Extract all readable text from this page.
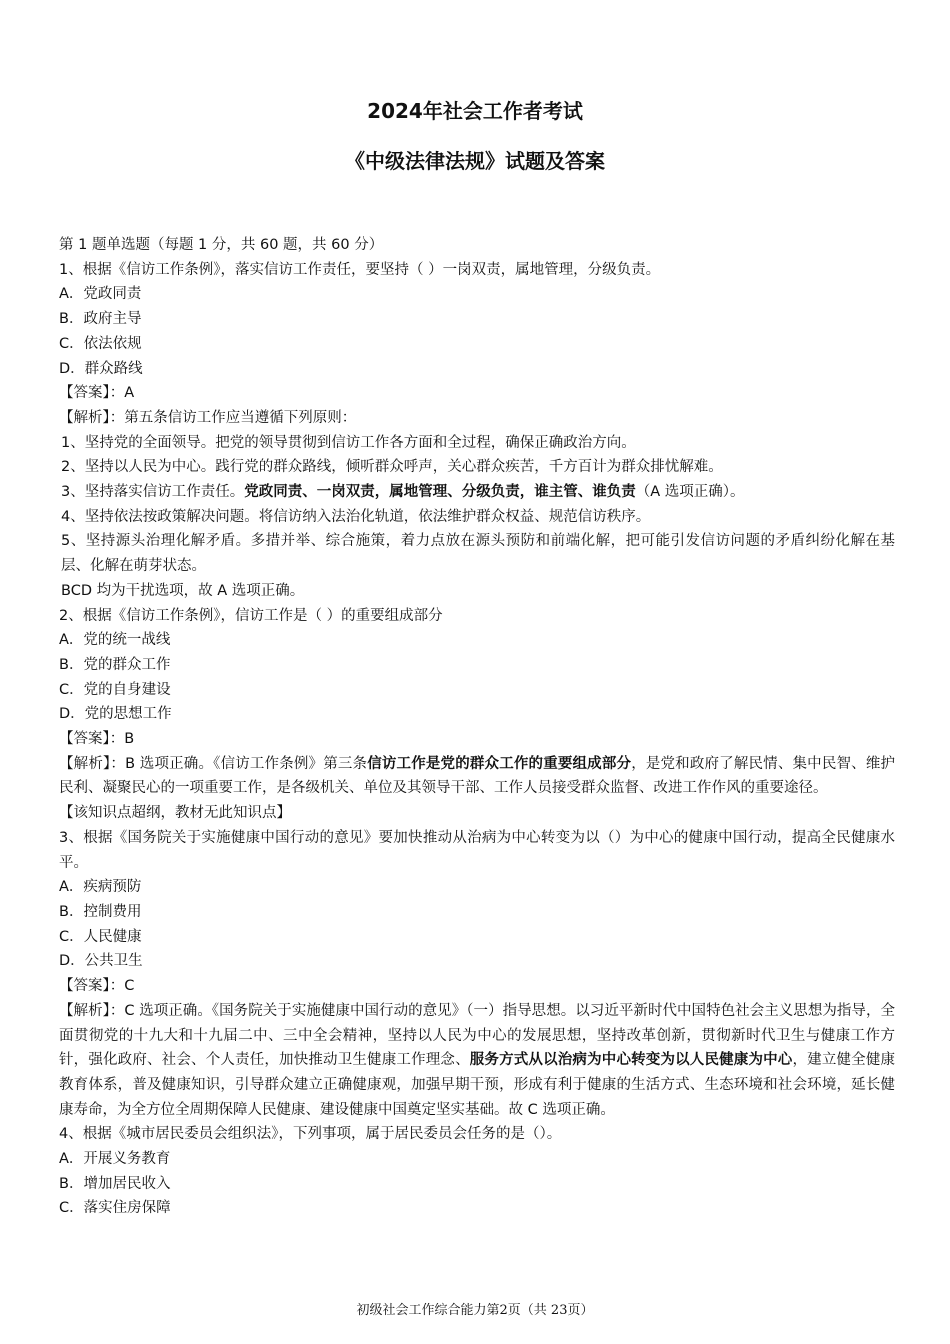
2024年社会工作者考试
《中级法律法规》试题及答案
第 1 题单选题（每题 1 分，共 60 题，共 60 分）
1、根据《信访工作条例》，落实信访工作责任，要坚持（ ）一岗双责，属地管理，分级负责。
A．党政同责
B．政府主导
C．依法依规
D．群众路线
【答案】：A
【解析】：第五条信访工作应当遵循下列原则：
1、坚持党的全面领导。把党的领导贯彻到信访工作各方面和全过程，确保正确政治方向。
2、坚持以人民为中心。践行党的群众路线，倾听群众呼声，关心群众疾苦，千方百计为群众排忧解难。
3、坚持落实信访工作责任。党政同责、一岗双责，属地管理、分级负责，谁主管、谁负责（A 选项正确）。
4、坚持依法按政策解决问题。将信访纳入法治化轨道，依法维护群众权益、规范信访秩序。
5、坚持源头治理化解矛盾。多措并举、综合施策，着力点放在源头预防和前端化解，把可能引发信访问题的矛盾纠纷化解在基层、化解在萌芽状态。
BCD 均为干扰选项，故 A 选项正确。
2、根据《信访工作条例》，信访工作是（ ）的重要组成部分
A．党的统一战线
B．党的群众工作
C．党的自身建设
D．党的思想工作
【答案】：B
【解析】：B 选项正确。《信访工作条例》第三条信访工作是党的群众工作的重要组成部分，是党和政府了解民情、集中民智、维护民利、凝聚民心的一项重要工作，是各级机关、单位及其领导干部、工作人员接受群众监督、改进工作作风的重要途径。
【该知识点超纲，教材无此知识点】
3、根据《国务院关于实施健康中国行动的意见》要加快推动从治病为中心转变为以（）为中心的健康中国行动，提高全民健康水平。
A．疾病预防
B．控制费用
C．人民健康
D．公共卫生
【答案】：C
【解析】：C 选项正确。《国务院关于实施健康中国行动的意见》（一）指导思想。以习近平新时代中国特色社会主义思想为指导，全面贯彻党的十九大和十九届二中、三中全会精神，坚持以人民为中心的发展思想，坚持改革创新，贯彻新时代卫生与健康工作方针，强化政府、社会、个人责任，加快推动卫生健康工作理念、服务方式从以治病为中心转变为以人民健康为中心，建立健全健康教育体系，普及健康知识，引导群众建立正确健康观，加强早期干预，形成有利于健康的生活方式、生态环境和社会环境，延长健康寿命，为全方位全周期保障人民健康、建设健康中国奠定坚实基础。故 C 选项正确。
4、根据《城市居民委员会组织法》，下列事项，属于居民委员会任务的是（）。
A．开展义务教育
B．增加居民收入
C．落实住房保障
初级社会工作综合能力第2页（共 23页）
